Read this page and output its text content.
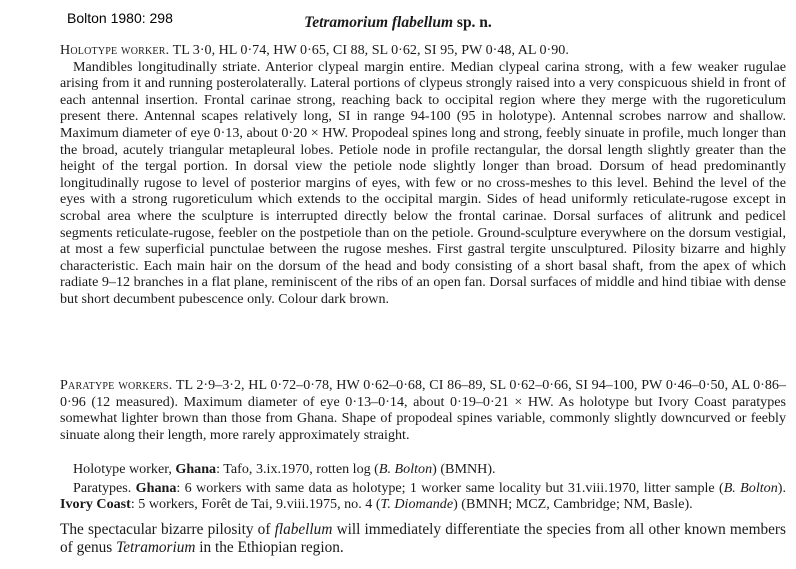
Bolton 1980: 298	Tetramorium flabellum sp. n.

Holotype worker. TL 3·0, HL 0·74, HW 0·65, CI 88, SL 0·62, SI 95, PW 0·48, AL 0·90.

Mandibles longitudinally striate. Anterior clypeal margin entire. Median clypeal carina strong, with a few weaker rugulae arising from it and running posterolaterally. Lateral portions of clypeus strongly raised into a very conspicuous shield in front of each antennal insertion. Frontal carinae strong, reaching back to occipital region where they merge with the rugoreticulum present there. Antennal scapes relatively long, SI in range 94-100 (95 in holotype). Antennal scrobes narrow and shallow. Maximum diameter of eye 0·13, about 0·20 × HW. Propodeal spines long and strong, feebly sinuate in profile, much longer than the broad, acutely triangular metapleural lobes. Petiole node in profile rectangular, the dorsal length slightly greater than the height of the tergal portion. In dorsal view the petiole node slightly longer than broad. Dorsum of head predominantly longitudinally rugose to level of posterior margins of eyes, with few or no cross-meshes to this level. Behind the level of the eyes with a strong rugoreticulum which extends to the occipital margin. Sides of head uniformly reticulate-rugose except in scrobal area where the sculpture is interrupted directly below the frontal carinae. Dorsal surfaces of alitrunk and pedicel segments reticulate-rugose, feebler on the postpetiole than on the petiole. Ground-sculpture everywhere on the dorsum vestigial, at most a few superficial punctulae between the rugose meshes. First gastral tergite unsculptured. Pilosity bizarre and highly characteristic. Each main hair on the dorsum of the head and body consisting of a short basal shaft, from the apex of which radiate 9–12 branches in a flat plane, reminiscent of the ribs of an open fan. Dorsal surfaces of middle and hind tibiae with dense but short decumbent pubescence only. Colour dark brown.

Paratype workers. TL 2·9–3·2, HL 0·72–0·78, HW 0·62–0·68, CI 86–89, SL 0·62–0·66, SI 94–100, PW 0·46–0·50, AL 0·86–0·96 (12 measured). Maximum diameter of eye 0·13–0·14, about 0·19–0·21 × HW. As holotype but Ivory Coast paratypes somewhat lighter brown than those from Ghana. Shape of propodeal spines variable, commonly slightly downcurved or feebly sinuate along their length, more rarely approximately straight.

Holotype worker, Ghana: Tafo, 3.ix.1970, rotten log (B. Bolton) (BMNH).

Paratypes. Ghana: 6 workers with same data as holotype; 1 worker same locality but 31.viii.1970, litter sample (B. Bolton). Ivory Coast: 5 workers, Forêt de Tai, 9.viii.1975, no. 4 (T. Diomande) (BMNH; MCZ, Cambridge; NM, Basle).

The spectacular bizarre pilosity of flabellum will immediately differentiate the species from all other known members of genus Tetramorium in the Ethiopian region.
